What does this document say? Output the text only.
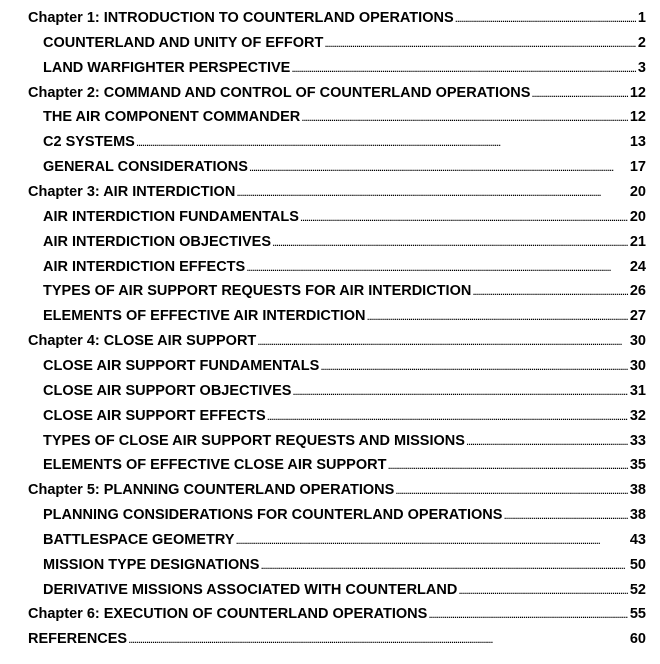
Chapter 1: INTRODUCTION TO COUNTERLAND OPERATIONS . . .	1
COUNTERLAND AND UNITY OF EFFORT . . .	2
LAND WARFIGHTER PERSPECTIVE . . .	3
Chapter 2: COMMAND AND CONTROL OF COUNTERLAND OPERATIONS . . .	12
THE AIR COMPONENT COMMANDER . . .	12
C2 SYSTEMS . . .	13
GENERAL CONSIDERATIONS . . .	17
Chapter 3: AIR INTERDICTION . . .	20
AIR INTERDICTION FUNDAMENTALS . . .	20
AIR INTERDICTION OBJECTIVES . . .	21
AIR INTERDICTION EFFECTS . . .	24
TYPES OF AIR SUPPORT REQUESTS FOR AIR INTERDICTION . . .	26
ELEMENTS OF EFFECTIVE AIR INTERDICTION . . .	27
Chapter 4: CLOSE AIR SUPPORT . . .	30
CLOSE AIR SUPPORT FUNDAMENTALS . . .	30
CLOSE AIR SUPPORT OBJECTIVES . . .	31
CLOSE AIR SUPPORT EFFECTS . . .	32
TYPES OF CLOSE AIR SUPPORT REQUESTS AND MISSIONS . . .	33
ELEMENTS OF EFFECTIVE CLOSE AIR SUPPORT . . .	35
Chapter 5: PLANNING COUNTERLAND OPERATIONS . . .	38
PLANNING CONSIDERATIONS FOR COUNTERLAND OPERATIONS . . .	38
BATTLESPACE GEOMETRY . . .	43
MISSION TYPE DESIGNATIONS . . .	50
DERIVATIVE MISSIONS ASSOCIATED WITH COUNTERLAND . . .	52
Chapter 6: EXECUTION OF COUNTERLAND OPERATIONS . . .	55
REFERENCES . . .	60
